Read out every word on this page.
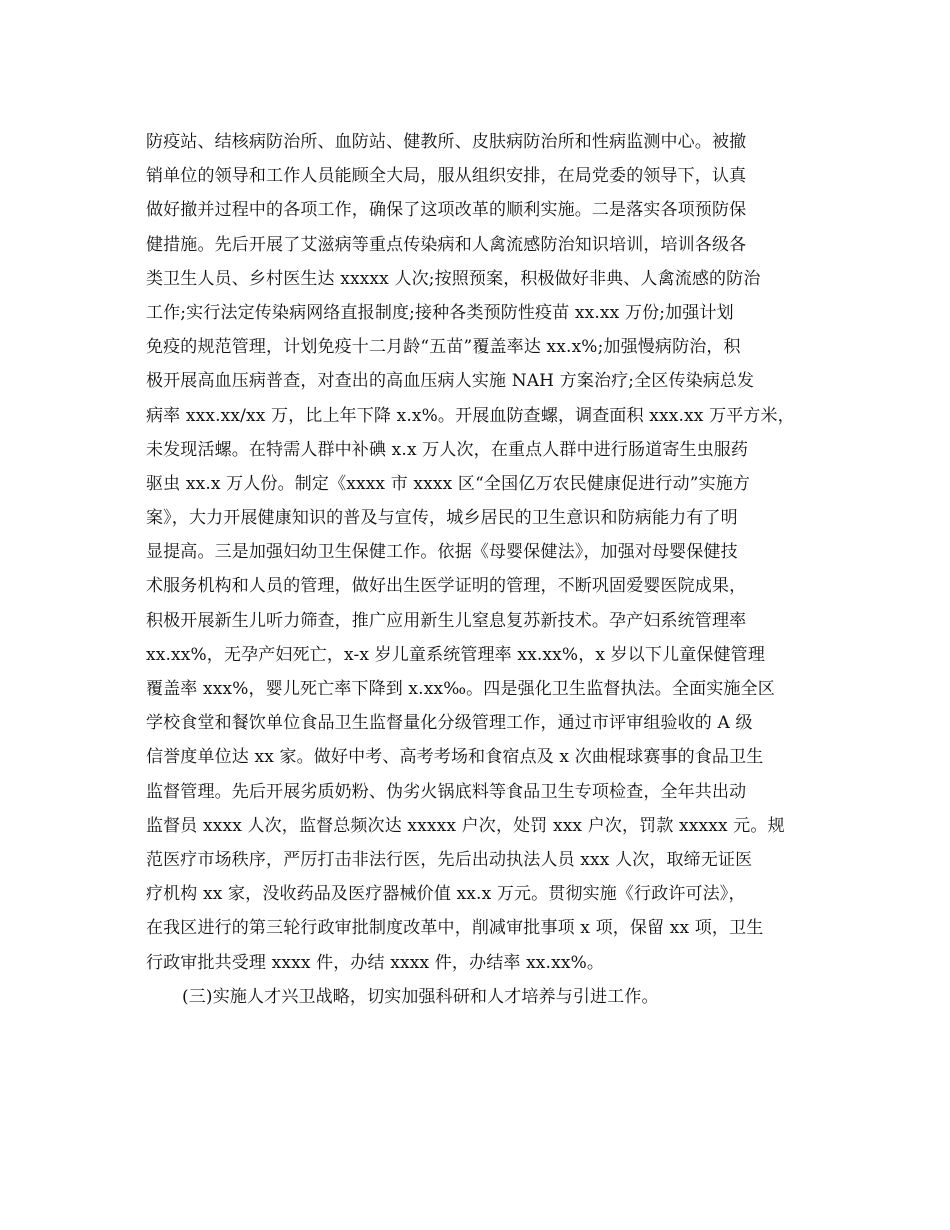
防疫站、结核病防治所、血防站、健教所、皮肤病防治所和性病监测中心。被撤
销单位的领导和工作人员能顾全大局，服从组织安排，在局党委的领导下，认真
做好撤并过程中的各项工作，确保了这项改革的顺利实施。二是落实各项预防保
健措施。先后开展了艾滋病等重点传染病和人禽流感防治知识培训，培训各级各
类卫生人员、乡村医生达 xxxxx 人次;按照预案，积极做好非典、人禽流感的防治
工作;实行法定传染病网络直报制度;接种各类预防性疫苗 xx.xx 万份;加强计划
免疫的规范管理，计划免疫十二月龄“五苗”覆盖率达 xx.x%;加强慢病防治，积
极开展高血压病普查，对查出的高血压病人实施 NAH 方案治疗;全区传染病总发
病率 xxx.xx/xx 万，比上年下降 x.x%。开展血防查螺，调查面积 xxx.xx 万平方米，
未发现活螺。在特需人群中补碘 x.x 万人次，在重点人群中进行肠道寄生虫服药
驱虫 xx.x 万人份。制定《xxxx 市 xxxx 区“全国亿万农民健康促进行动”实施方
案》，大力开展健康知识的普及与宣传，城乡居民的卫生意识和防病能力有了明
显提高。三是加强妇幼卫生保健工作。依据《母婴保健法》，加强对母婴保健技
术服务机构和人员的管理，做好出生医学证明的管理，不断巩固爱婴医院成果，
积极开展新生儿听力筛查，推广应用新生儿窒息复苏新技术。孕产妇系统管理率
xx.xx%，无孕产妇死亡，x-x 岁儿童系统管理率 xx.xx%，x 岁以下儿童保健管理
覆盖率 xxx%，婴儿死亡率下降到 x.xx‰。四是强化卫生监督执法。全面实施全区
学校食堂和餐饮单位食品卫生监督量化分级管理工作，通过市评审组验收的 A 级
信誉度单位达 xx 家。做好中考、高考考场和食宿点及 x 次曲棍球赛事的食品卫生
监督管理。先后开展劣质奶粉、伪劣火锅底料等食品卫生专项检查，全年共出动
监督员 xxxx 人次，监督总频次达 xxxxx 户次，处罚 xxx 户次，罚款 xxxxx 元。规
范医疗市场秩序，严厉打击非法行医，先后出动执法人员 xxx 人次，取缔无证医
疗机构 xx 家，没收药品及医疗器械价值 xx.x 万元。贯彻实施《行政许可法》，
在我区进行的第三轮行政审批制度改革中，削减审批事项 x 项，保留 xx 项，卫生
行政审批共受理 xxxx 件，办结 xxxx 件，办结率 xx.xx%。
(三)实施人才兴卫战略，切实加强科研和人才培养与引进工作。
